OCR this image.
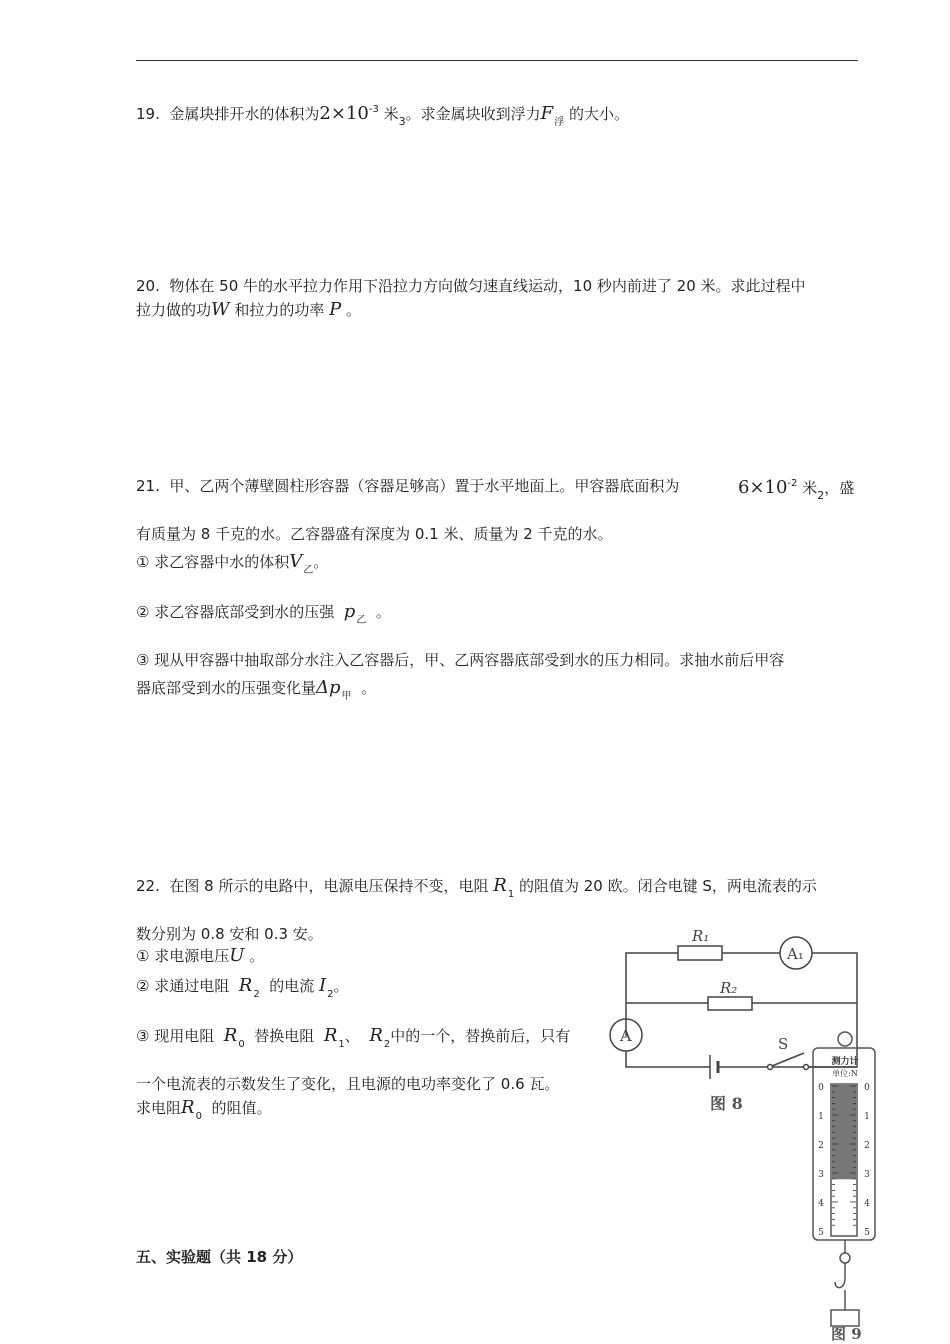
19. 金属块排开水的体积为$2\times 10^{-3}$ 米$_3$。求金属块收到浮力$F_浮$ 的大小。
20. 物体在 50 牛的水平拉力作用下沿拉力方向做匀速直线运动，10 秒内前进了 20 米。求此过程中
拉力做的功W 和拉力的功率 P 。
21. 甲、乙两个薄壁圆柱形容器（容器足够高）置于水平地面上。甲容器底面积为	$6\times 10^{-2}$ 米$_2$，盛
有质量为 8 千克的水。乙容器盛有深度为 0.1 米、质量为 2 千克的水。
① 求乙容器中水的体积$V_乙$。
② 求乙容器底部受到水的压强 $p_乙$ 。
③ 现从甲容器中抽取部分水注入乙容器后，甲、乙两容器底部受到水的压力相同。求抽水前后甲容
器底部受到水的压强变化量$\Delta p_甲$ 。
22. 在图 8 所示的电路中，电源电压保持不变，电阻 $R_1$ 的阻值为 20 欧。闭合电键 S，两电流表的示
数分别为 0.8 安和 0.3 安。
① 求电源电压U 。
② 求通过电阻 $R_2$ 的电流 $I_2$。
③ 现用电阻 $R_0$ 替换电阻 $R_1$、 $R_2$中的一个，替换前后，只有
一个电流表的示数发生了变化，且电源的电功率变化了 0.6 瓦。
求电阻$R_0$ 的阻值。
R₁
R₂
A₁
A	S
图 8
测力计
单位:N
0	0
1	1
2	2
3	3
4	4
5	5
图 9
五、实验题（共 18 分）
